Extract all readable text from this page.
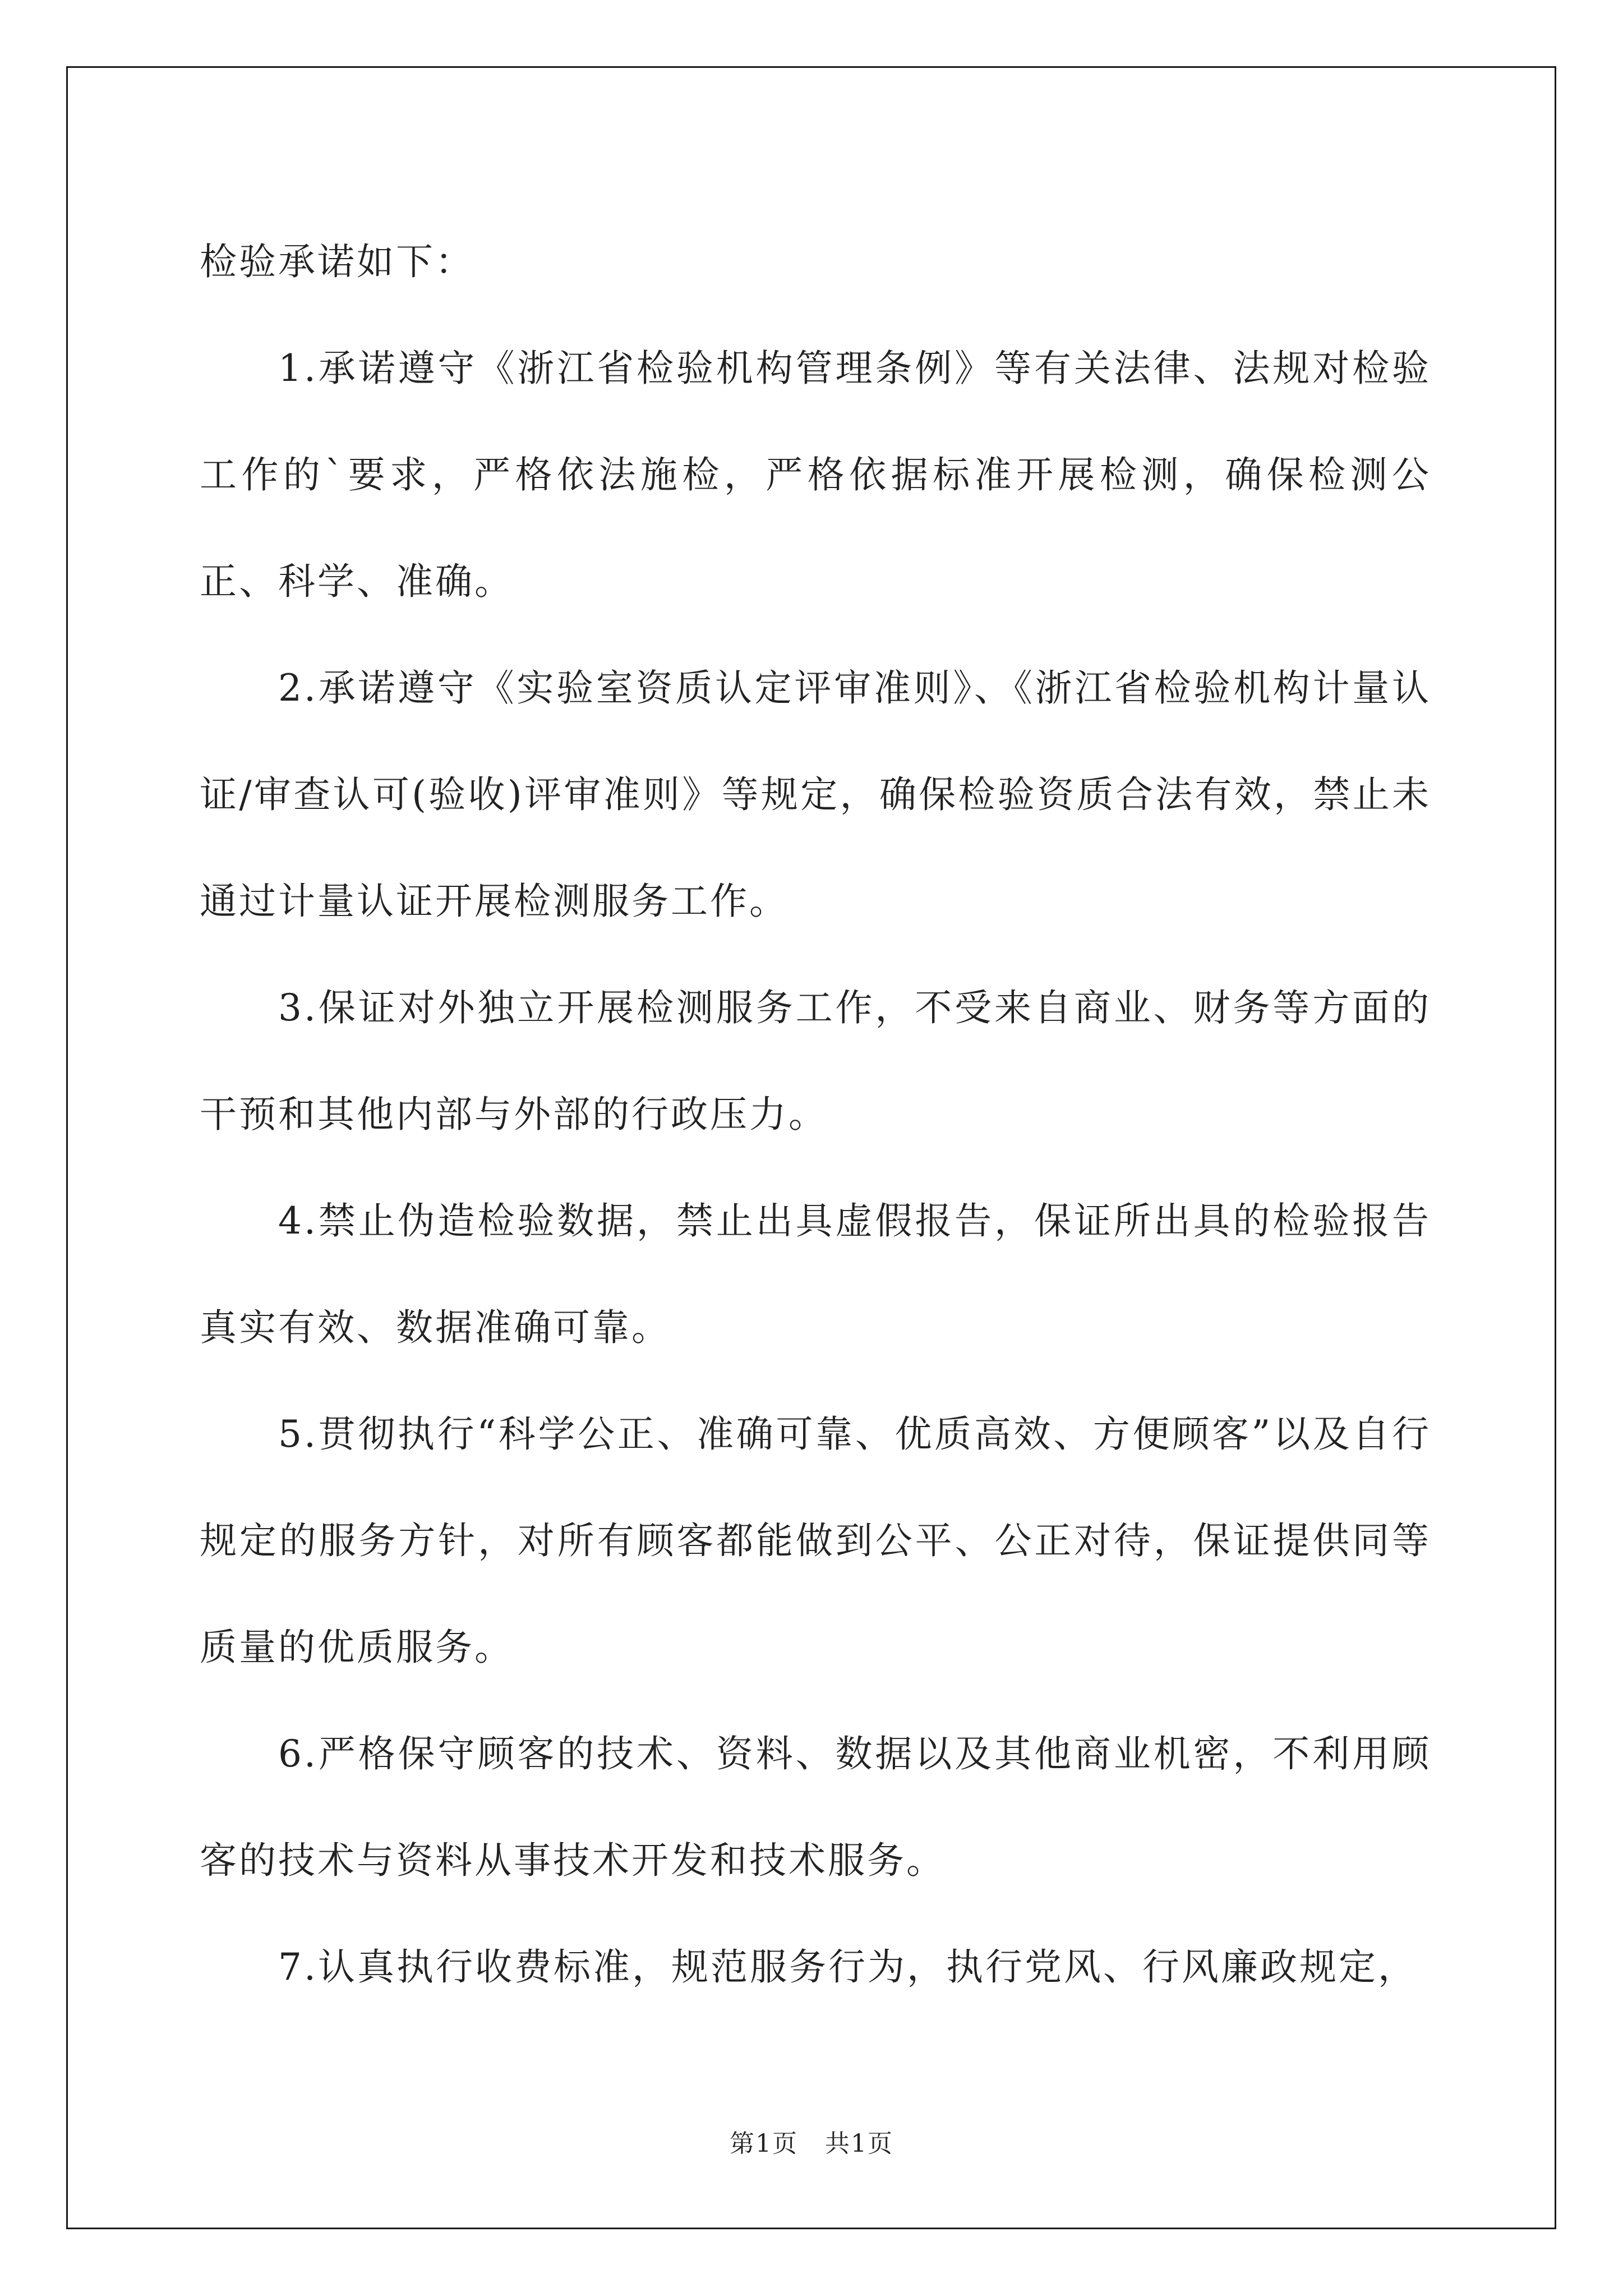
检验承诺如下：

1.承诺遵守《浙江省检验机构管理条例》等有关法律、法规对检验工作的`要求，严格依法施检，严格依据标准开展检测，确保检测公正、科学、准确。

2.承诺遵守《实验室资质认定评审准则》、《浙江省检验机构计量认证/审查认可(验收)评审准则》等规定，确保检验资质合法有效，禁止未通过计量认证开展检测服务工作。

3.保证对外独立开展检测服务工作，不受来自商业、财务等方面的干预和其他内部与外部的行政压力。

4.禁止伪造检验数据，禁止出具虚假报告，保证所出具的检验报告真实有效、数据准确可靠。

5.贯彻执行“科学公正、准确可靠、优质高效、方便顾客”以及自行规定的服务方针，对所有顾客都能做到公平、公正对待，保证提供同等质量的优质服务。

6.严格保守顾客的技术、资料、数据以及其他商业机密，不利用顾客的技术与资料从事技术开发和技术服务。

7.认真执行收费标准，规范服务行为，执行党风、行风廉政规定，

第1页   共1页
